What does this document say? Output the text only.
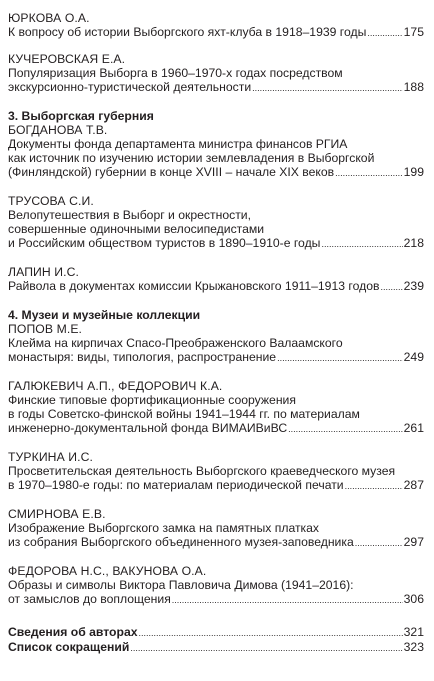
ЮРКОВА О.А.
К вопросу об истории Выборгского яхт-клуба в 1918–1939 годы .....	175
КУЧЕРОВСКАЯ Е.А.
Популяризация Выборга в 1960–1970-х годах посредством
экскурсионно-туристической деятельности .....	188
3. Выборгская губерния
БОГДАНОВА Т.В.
Документы фонда департамента министра финансов РГИА
как источник по изучению истории землевладения в Выборгской
(Финляндской) губернии в конце XVIII – начале XIX веков .....	199
ТРУСОВА С.И.
Велопутешествия в Выборг и окрестности,
совершенные одиночными велосипедистами
и Российским обществом туристов в 1890–1910-е годы .....	218
ЛАПИН И.С.
Райвола в документах комиссии Крыжановского 1911–1913 годов ..... 239
4. Музеи и музейные коллекции
ПОПОВ М.Е.
Клейма на кирпичах Спасо-Преображенского Валаамского
монастыря: виды, типология, распространение .....	249
ГАЛЮКЕВИЧ А.П., ФЕДОРОВИЧ К.А.
Финские типовые фортификационные сооружения
в годы Советско-финской войны 1941–1944 гг. по материалам
инженерно-документальной фонда ВИМАИВиВС .....	261
ТУРКИНА И.С.
Просветительская деятельность Выборгского краеведческого музея
в 1970–1980-е годы: по материалам периодической печати .....	287
СМИРНОВА Е.В.
Изображение Выборгского замка на памятных платках
из собрания Выборгского объединенного музея-заповедника .....	297
ФЕДОРОВА Н.С., ВАКУНОВА О.А.
Образы и символы Виктора Павловича Димова (1941–2016):
от замыслов до воплощения .....	306
Сведения об авторах .....	321
Список сокращений .....	323
